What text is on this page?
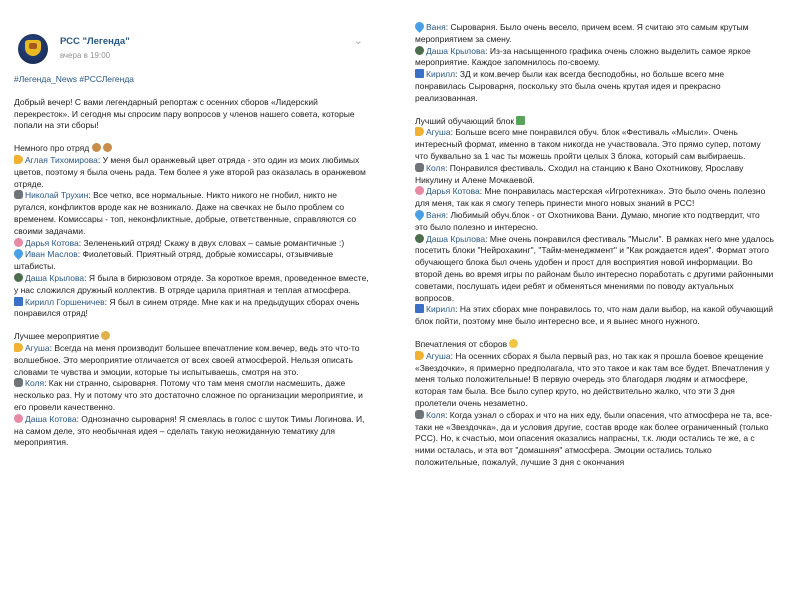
РСС "Легенда"
вчера в 19:00
⌄
#Легенда_News #РССЛегенда

Добрый вечер! С вами легендарный репортаж с осенних сборов «Лидерский перекресток». И сегодня мы спросим пару вопросов у членов нашего совета, которые попали на эти сборы!

Немного про отряд

Аглая Тихомирова: У меня был оранжевый цвет отряда - это один из моих любимых цветов, поэтому я была очень рада. Тем более я уже второй раз оказалась в оранжевом отряде.

Николай Трухин: Все четко, все нормальные. Никто никого не гнобил, никто не ругался, конфликтов вроде как не возникало. Даже на свечках не было проблем со временем. Комиссары - топ, неконфликтные, добрые, ответственные, справляются со своими задачами.

Дарья Котова: Зелененький отряд! Скажу в двух словах – самые романтичные :)

Иван Маслов: Фиолетовый. Приятный отряд, добрые комиссары, отзывчивые штабисты.

Даша Крылова: Я была в бирюзовом отряде. За короткое время, проведенное вместе, у нас сложился дружный коллектив. В отряде царила приятная и теплая атмосфера.

Кирилл Горшеничев: Я был в синем отряде. Мне как и на предыдущих сборах очень понравился отряд!

Лучшее мероприятие

Агуша: Всегда на меня производит большее впечатление ком.вечер, ведь это что-то волшебное. Это мероприятие отличается от всех своей атмосферой. Нельзя описать словами те чувства и эмоции, которые ты испытываешь, смотря на это.

Коля: Как ни странно, сыроварня. Потому что там меня смогли насмешить, даже несколько раз. Ну и потому что это достаточно сложное по организации мероприятие, и его провели качественно.

Даша Котова: Однозначно сыроварня! Я смеялась в голос с шуток Тимы Логинова. И, на самом деле, это необычная идея – сделать такую неожиданную тематику для мероприятия.

Ваня: Сыроварня. Было очень весело, причем всем. Я считаю это самым крутым мероприятием за смену.

Даша Крылова: Из-за насыщенного графика очень сложно выделить самое яркое мероприятие. Каждое запомнилось по-своему.

Кирилл: ЗД и ком.вечер были как всегда бесподобны, но больше всего мне понравилась Сыроварня, поскольку это была очень крутая идея и прекрасно реализованная.

Лучший обучающий блок

Агуша: Больше всего мне понравился обуч. блок «Фестиваль «Мысли». Очень интересный формат, именно в таком никогда не участвовала. Это прямо супер, потому что буквально за 1 час ты можешь пройти целых 3 блока, который сам выбираешь.

Коля: Понравился фестиваль. Сходил на станцию к Вано Охотникову, Ярославу Никулину и Алене Мочкаевой.

Дарья Котова: Мне понравилась мастерская «Игротехника». Это было очень полезно для меня, так как я смогу теперь принести много новых знаний в РСС!

Ваня: Любимый обуч.блок - от Охотникова Вани. Думаю, многие кто подтвердит, что это было полезно и интересно.

Даша Крылова: Мне очень понравился фестиваль "Мысли". В рамках него мне удалось посетить блоки "Нейрохакинг", "Тайм-менеджмент" и "Как рождается идея". Формат этого обучающего блока был очень удобен и прост для восприятия новой информации. Во второй день во время игры по районам было интересно поработать с другими районными советами, послушать идеи ребят и обменяться мнениями по поводу актуальных вопросов.

Кирилл: На этих сборах мне понравилось то, что нам дали выбор, на какой обучающий блок пойти, поэтому мне было интересно все, и я вынес много нужного.

Впечатления от сборов

Агуша: На осенних сборах я была первый раз, но так как я прошла боевое крещение «Звездочки», я примерно предполагала, что это такое и как там все будет. Впечатления у меня только положительные! В первую очередь это благодаря людям и атмосфере, которая там была. Все было супер круто, но действительно жалко, что эти 3 дня пролетели очень незаметно.

Коля: Когда узнал о сборах и что на них еду, были опасения, что атмосфера не та, все-таки не «Звездочка», да и условия другие, состав вроде как более ограниченный (только РСС). Но, к счастью, мои опасения оказались напрасны, т.к. люди остались те же, а с ними осталась, и эта вот "домашняя" атмосфера. Эмоции остались только положительные, пожалуй, лучшие 3 дня с окончания
